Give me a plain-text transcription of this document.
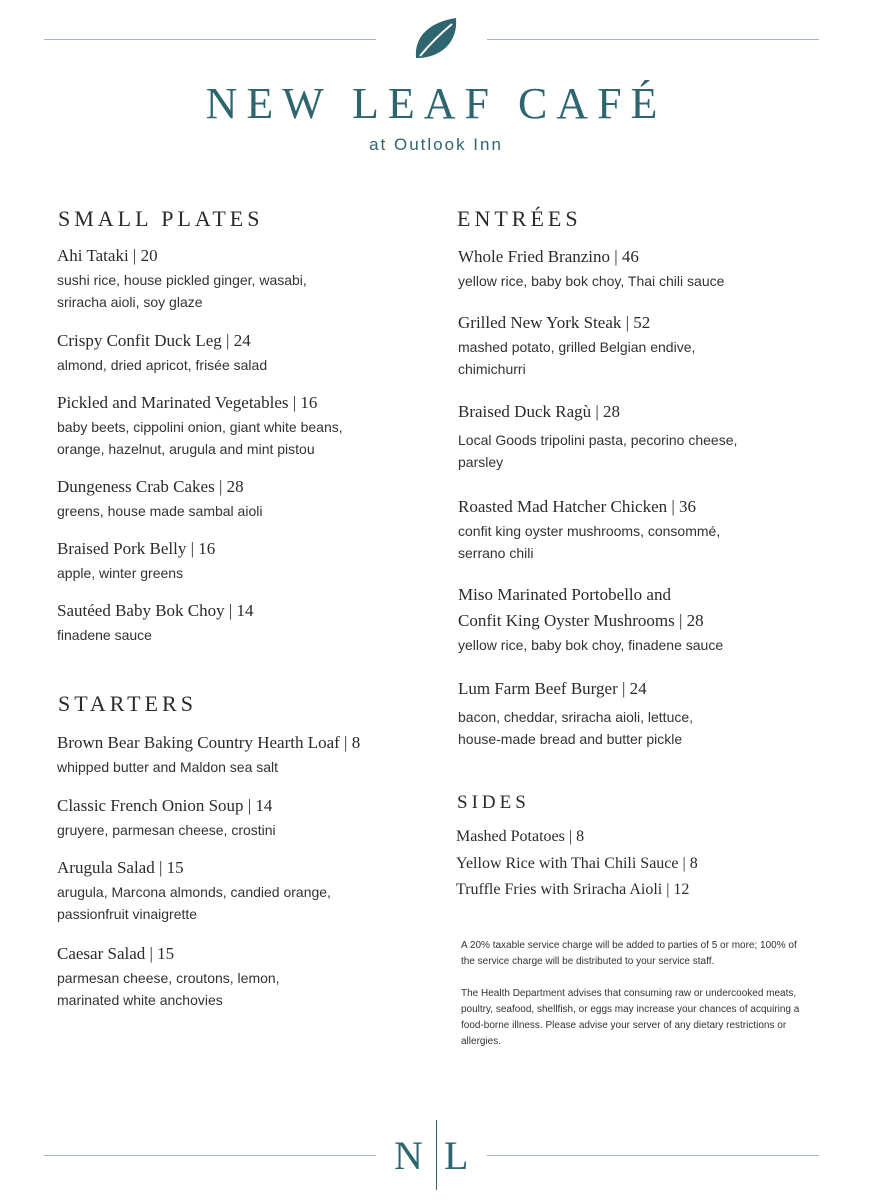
NEW LEAF CAFÉ
at Outlook Inn
SMALL PLATES
Ahi Tataki | 20
sushi rice, house pickled ginger, wasabi,
sriracha aioli, soy glaze
Crispy Confit Duck Leg | 24
almond, dried apricot, frisée salad
Pickled and Marinated Vegetables | 16
baby beets, cippolini onion, giant white beans,
orange, hazelnut, arugula and mint pistou
Dungeness Crab Cakes | 28
greens, house made sambal aioli
Braised Pork Belly | 16
apple, winter greens
Sautéed Baby Bok Choy | 14
finadene sauce
STARTERS
Brown Bear Baking Country Hearth Loaf | 8
whipped butter and Maldon sea salt
Classic French Onion Soup | 14
gruyere, parmesan cheese, crostini
Arugula Salad | 15
arugula, Marcona almonds, candied orange,
passionfruit vinaigrette
Caesar Salad | 15
parmesan cheese, croutons, lemon,
marinated white anchovies
ENTRÉES
Whole Fried Branzino | 46
yellow rice, baby bok choy, Thai chili sauce
Grilled New York Steak | 52
mashed potato, grilled Belgian endive,
chimichurri
Braised Duck Ragù | 28
Local Goods tripolini pasta, pecorino cheese,
parsley
Roasted Mad Hatcher Chicken | 36
confit king oyster mushrooms, consommé,
serrano chili
Miso Marinated Portobello and
Confit King Oyster Mushrooms | 28
yellow rice, baby bok choy, finadene sauce
Lum Farm Beef Burger | 24
bacon, cheddar, sriracha aioli, lettuce,
house-made bread and butter pickle
SIDES
Mashed Potatoes | 8
Yellow Rice with Thai Chili Sauce | 8
Truffle Fries with Sriracha Aioli | 12

A 20% taxable service charge will be added to parties of 5 or more; 100% of the service charge will be distributed to your service staff.

The Health Department advises that consuming raw or undercooked meats, poultry, seafood, shellfish, or eggs may increase your chances of acquiring a food-borne illness. Please advise your server of any dietary restrictions or allergies.

N L
